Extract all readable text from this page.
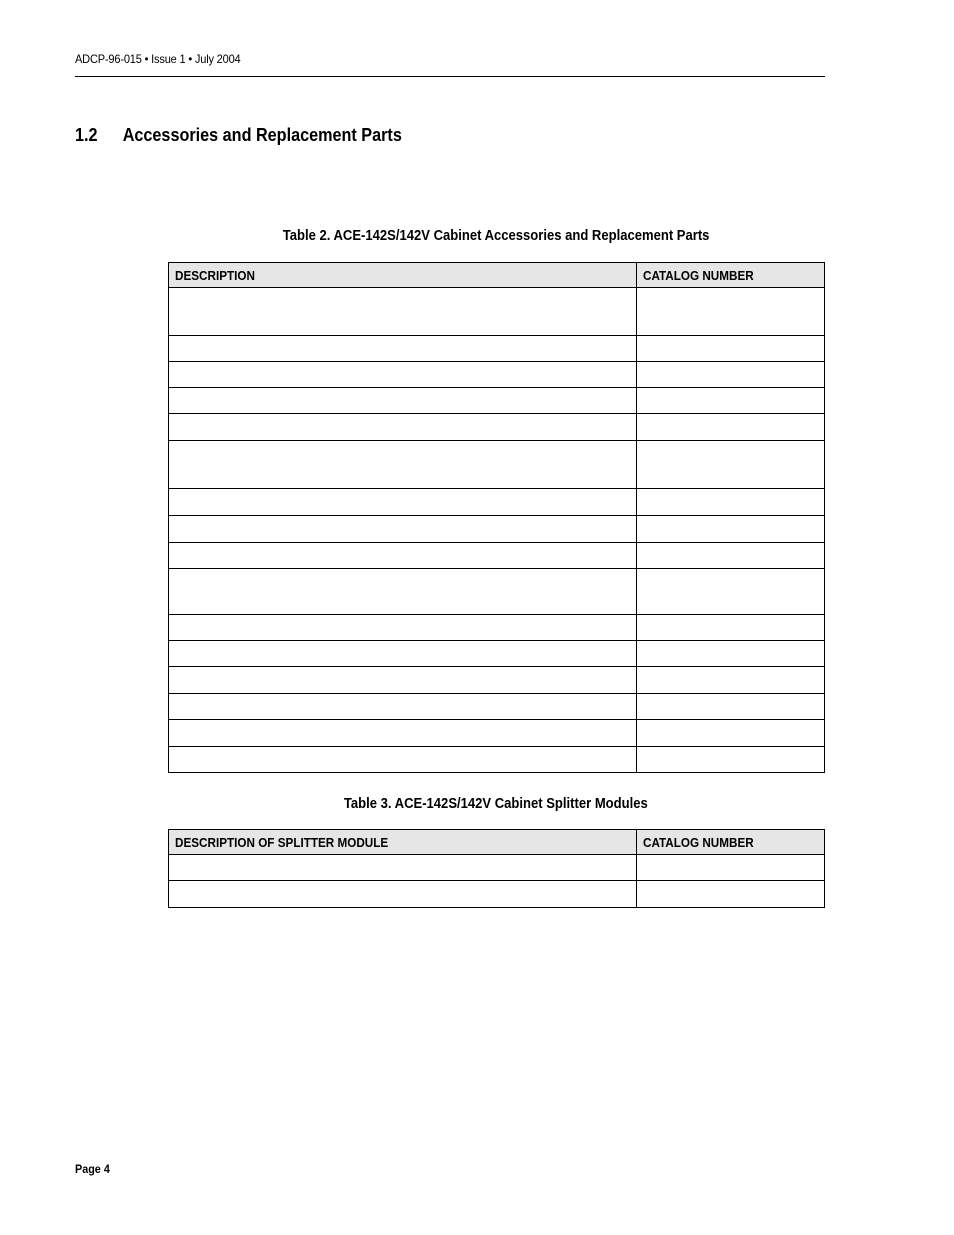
ADCP-96-015 • Issue 1 • July 2004
1.2 Accessories and Replacement Parts
Table 2. ACE-142S/142V Cabinet Accessories and Replacement Parts
DESCRIPTION	CATALOG NUMBER

Table 3. ACE-142S/142V Cabinet Splitter Modules
DESCRIPTION OF SPLITTER MODULE	CATALOG NUMBER

Page 4
